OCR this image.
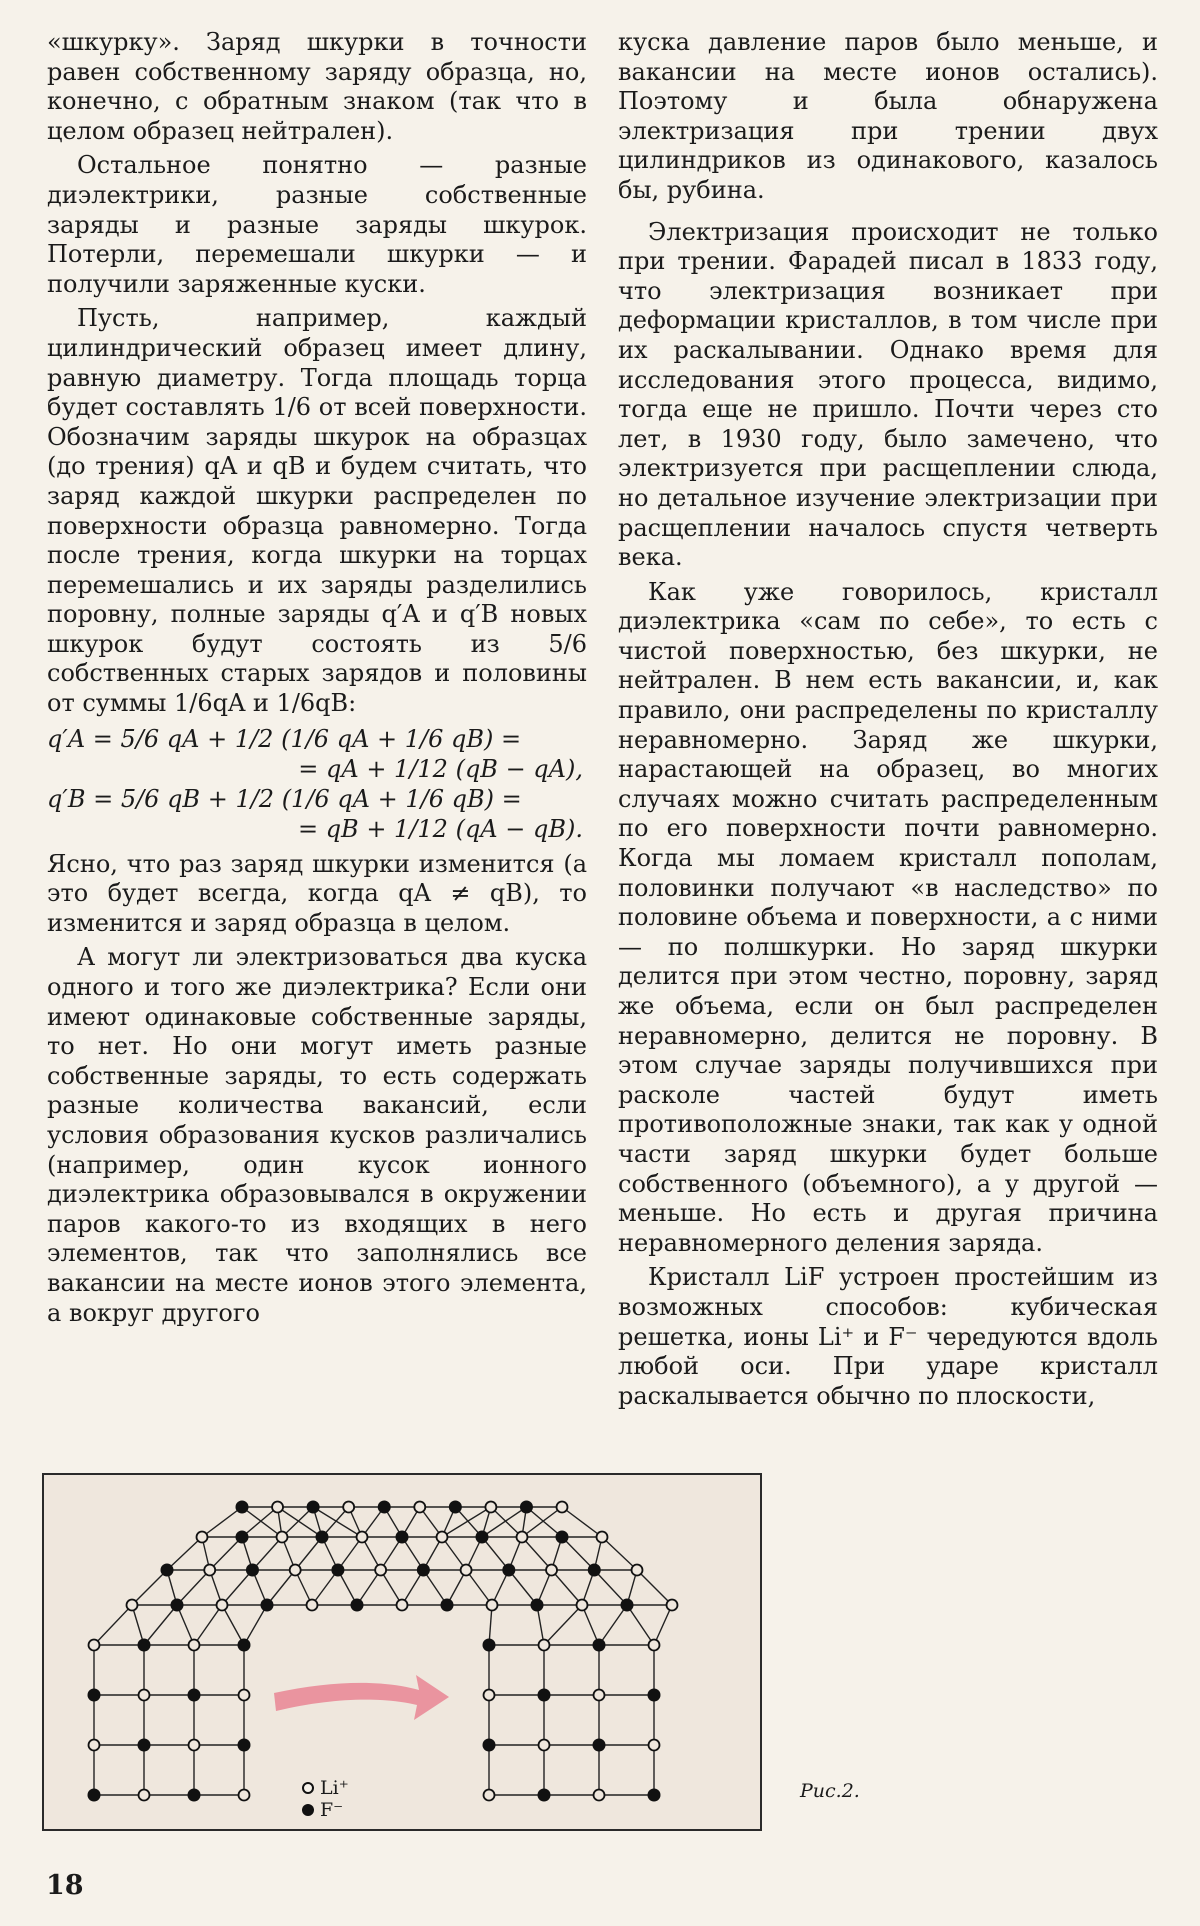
«шкурку». Заряд шкурки в точности равен собственному заряду образца, но, конечно, с обратным знаком (так что в целом образец нейтрален).

Остальное понятно — разные диэлектрики, разные собственные заряды и разные заряды шкурок. Потерли, перемешали шкурки — и получили заряженные куски.

Пусть, например, каждый цилиндрический образец имеет длину, равную диаметру. Тогда площадь торца будет составлять 1/6 от всей поверхности. Обозначим заряды шкурок на образцах (до трения) qA и qB и будем считать, что заряд каждой шкурки распределен по поверхности образца равномерно. Тогда после трения, когда шкурки на торцах перемешались и их заряды разделились поровну, полные заряды q′A и q′B новых шкурок будут состоять из 5/6 собственных старых зарядов и половины от суммы 1/6qA и 1/6qB:

q′A = 5/6 qA + 1/2 (1/6 qA + 1/6 qB) =
= qA + 1/12 (qB − qA),
q′B = 5/6 qB + 1/2 (1/6 qA + 1/6 qB) =
= qB + 1/12 (qA − qB).

Ясно, что раз заряд шкурки изменится (а это будет всегда, когда qA ≠ qB), то изменится и заряд образца в целом.

А могут ли электризоваться два куска одного и того же диэлектрика? Если они имеют одинаковые собственные заряды, то нет. Но они могут иметь разные собственные заряды, то есть содержать разные количества вакансий, если условия образования кусков различались (например, один кусок ионного диэлектрика образовывался в окружении паров какого-то из входящих в него элементов, так что заполнялись все вакансии на месте ионов этого элемента, а вокруг другого

куска давление паров было меньше, и вакансии на месте ионов остались). Поэтому и была обнаружена электризация при трении двух цилиндриков из одинакового, казалось бы, рубина.

Электризация происходит не только при трении. Фарадей писал в 1833 году, что электризация возникает при деформации кристаллов, в том числе при их раскалывании. Однако время для исследования этого процесса, видимо, тогда еще не пришло. Почти через сто лет, в 1930 году, было замечено, что электризуется при расщеплении слюда, но детальное изучение электризации при расщеплении началось спустя четверть века.

Как уже говорилось, кристалл диэлектрика «сам по себе», то есть с чистой поверхностью, без шкурки, не нейтрален. В нем есть вакансии, и, как правило, они распределены по кристаллу неравномерно. Заряд же шкурки, нарастающей на образец, во многих случаях можно считать распределенным по его поверхности почти равномерно. Когда мы ломаем кристалл пополам, половинки получают «в наследство» по половине объема и поверхности, а с ними — по полшкурки. Но заряд шкурки делится при этом честно, поровну, заряд же объема, если он был распределен неравномерно, делится не поровну. В этом случае заряды получившихся при расколе частей будут иметь противоположные знаки, так как у одной части заряд шкурки будет больше собственного (объемного), а у другой — меньше. Но есть и другая причина неравномерного деления заряда.

Кристалл LiF устроен простейшим из возможных способов: кубическая решетка, ионы Li⁺ и F⁻ чередуются вдоль любой оси. При ударе кристалл раскалывается обычно по плоскости,

Li⁺
F⁻
Рис.2.
18
